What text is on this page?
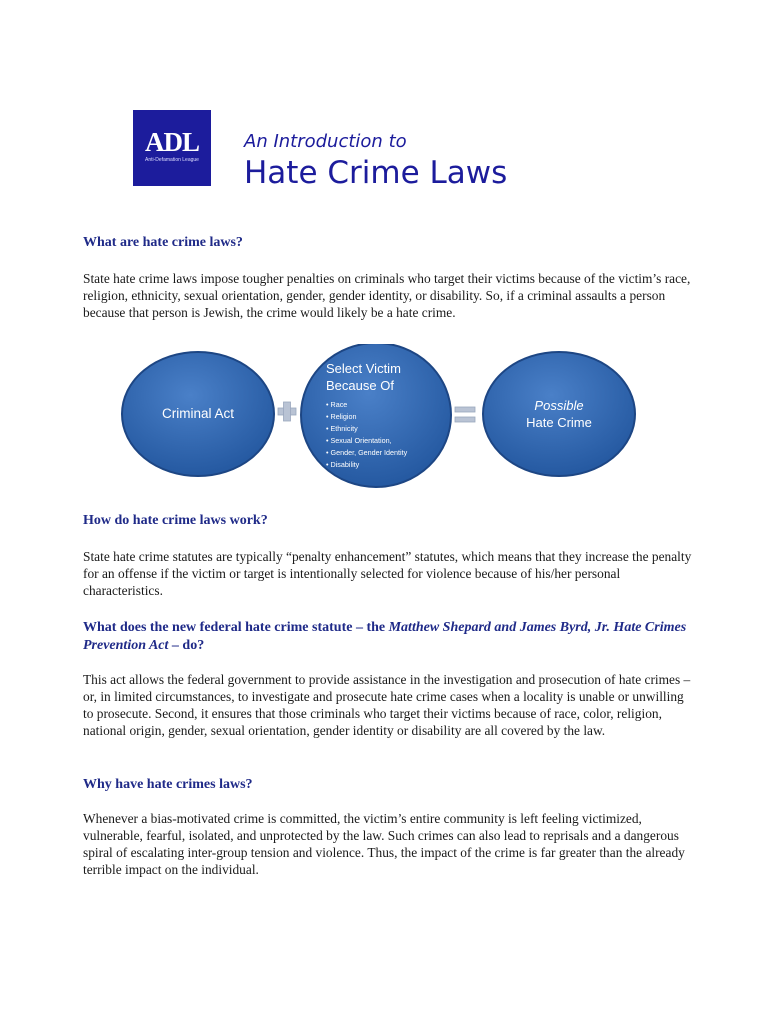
ADL
Anti-Defamation League
An Introduction to
Hate Crime Laws
What are hate crime laws?

State hate crime laws impose tougher penalties on criminals who target their victims because of the victim’s race, religion, ethnicity, sexual orientation, gender, gender identity, or disability. So, if a criminal assaults a person because that person is Jewish, the crime would likely be a hate crime.

Criminal Act
Select Victim
Because Of
• Race
• Religion
• Ethnicity
• Sexual Orientation,
• Gender, Gender Identity
• Disability
Possible
Hate Crime
How do hate crime laws work?

State hate crime statutes are typically “penalty enhancement” statutes, which means that they increase the penalty for an offense if the victim or target is intentionally selected for violence because of his/her personal characteristics.

What does the new federal hate crime statute – the Matthew Shepard and James Byrd, Jr. Hate Crimes Prevention Act – do?

This act allows the federal government to provide assistance in the investigation and prosecution of hate crimes – or, in limited circumstances, to investigate and prosecute hate crime cases when a locality is unable or unwilling to prosecute. Second, it ensures that those criminals who target their victims because of race, color, religion, national origin, gender, sexual orientation, gender identity or disability are all covered by the law.

Why have hate crimes laws?

Whenever a bias-motivated crime is committed, the victim’s entire community is left feeling victimized, vulnerable, fearful, isolated, and unprotected by the law. Such crimes can also lead to reprisals and a dangerous spiral of escalating inter-group tension and violence. Thus, the impact of the crime is far greater than the already terrible impact on the individual.
